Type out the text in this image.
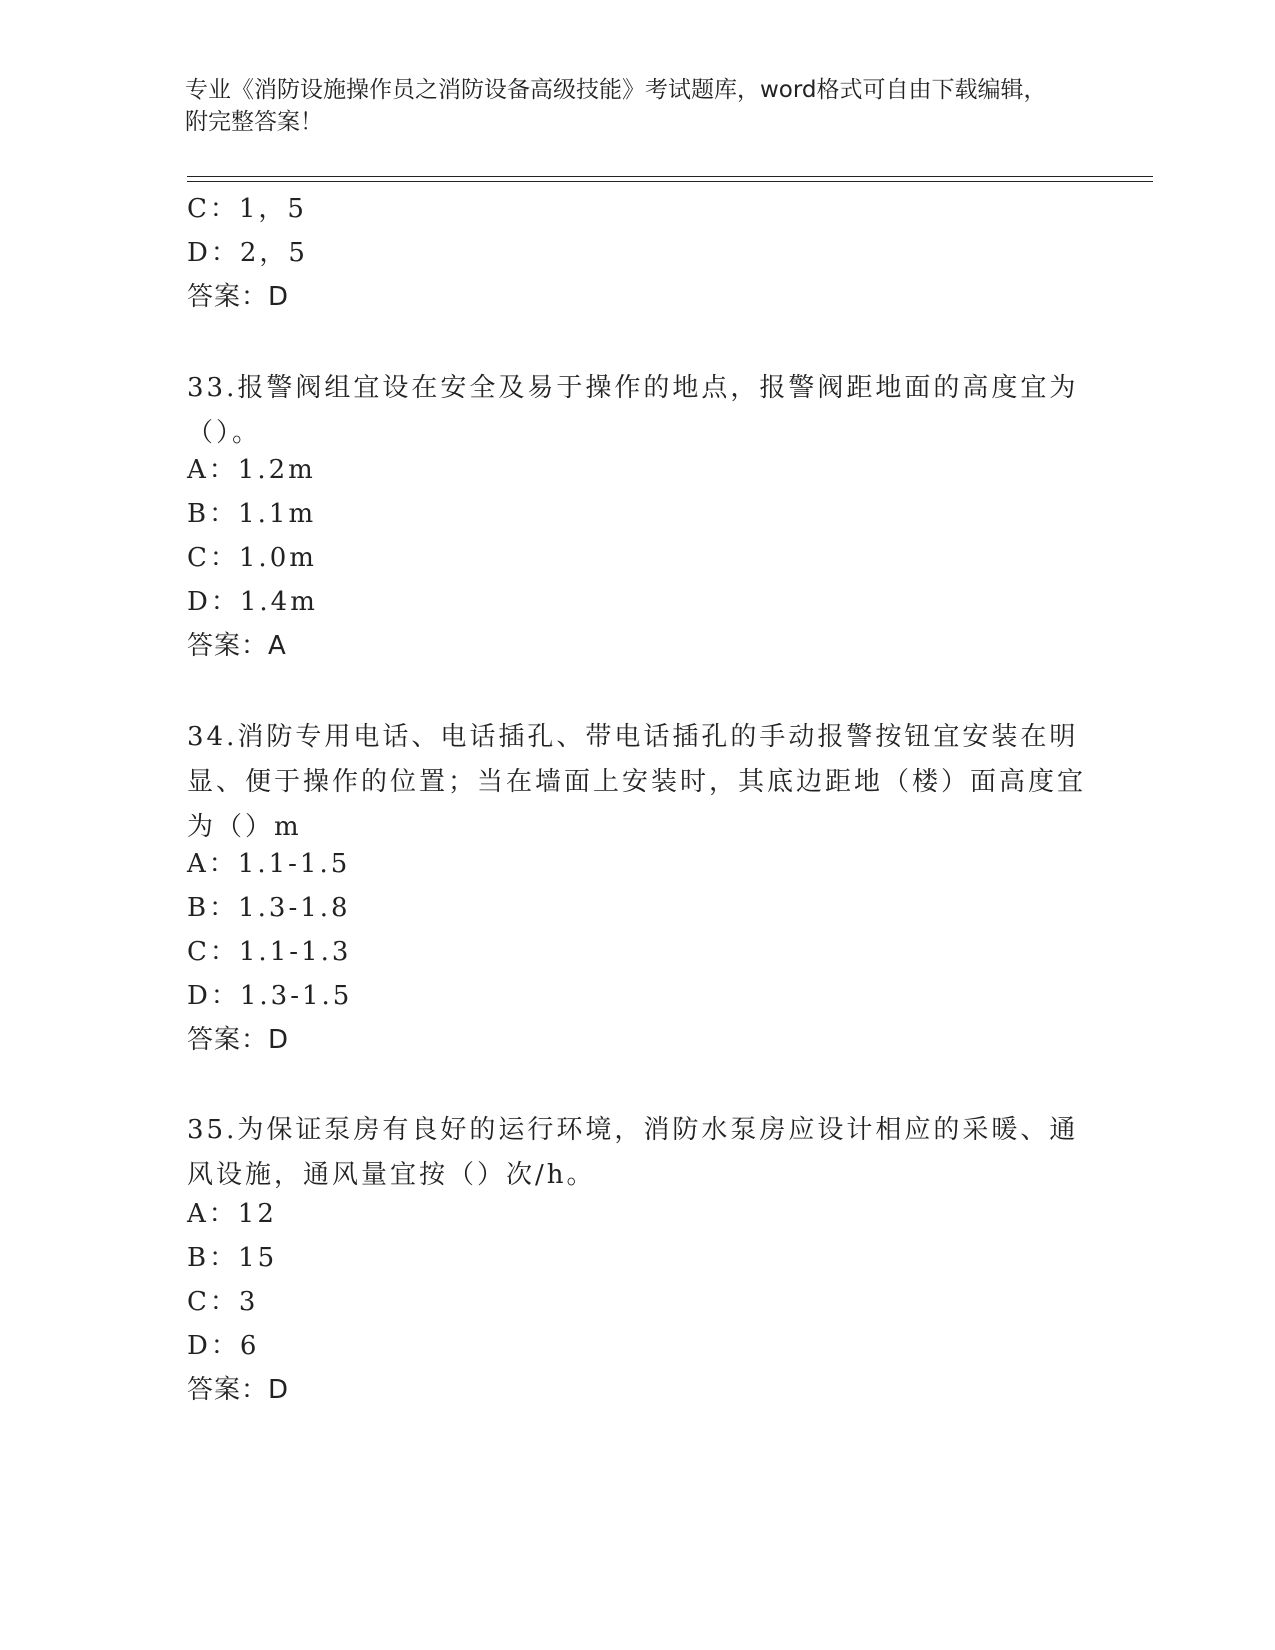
专业《消防设施操作员之消防设备高级技能》考试题库，word格式可自由下载编辑，附完整答案！
C：1，5
D：2，5
答案：D
33.报警阀组宜设在安全及易于操作的地点，报警阀距地面的高度宜为（）。
A：1.2m
B：1.1m
C：1.0m
D：1.4m
答案：A
34.消防专用电话、电话插孔、带电话插孔的手动报警按钮宜安装在明显、便于操作的位置；当在墙面上安装时，其底边距地（楼）面高度宜为（）m
A：1.1-1.5
B：1.3-1.8
C：1.1-1.3
D：1.3-1.5
答案：D
35.为保证泵房有良好的运行环境，消防水泵房应设计相应的采暖、通风设施，通风量宜按（）次/h。
A：12
B：15
C：3
D：6
答案：D
